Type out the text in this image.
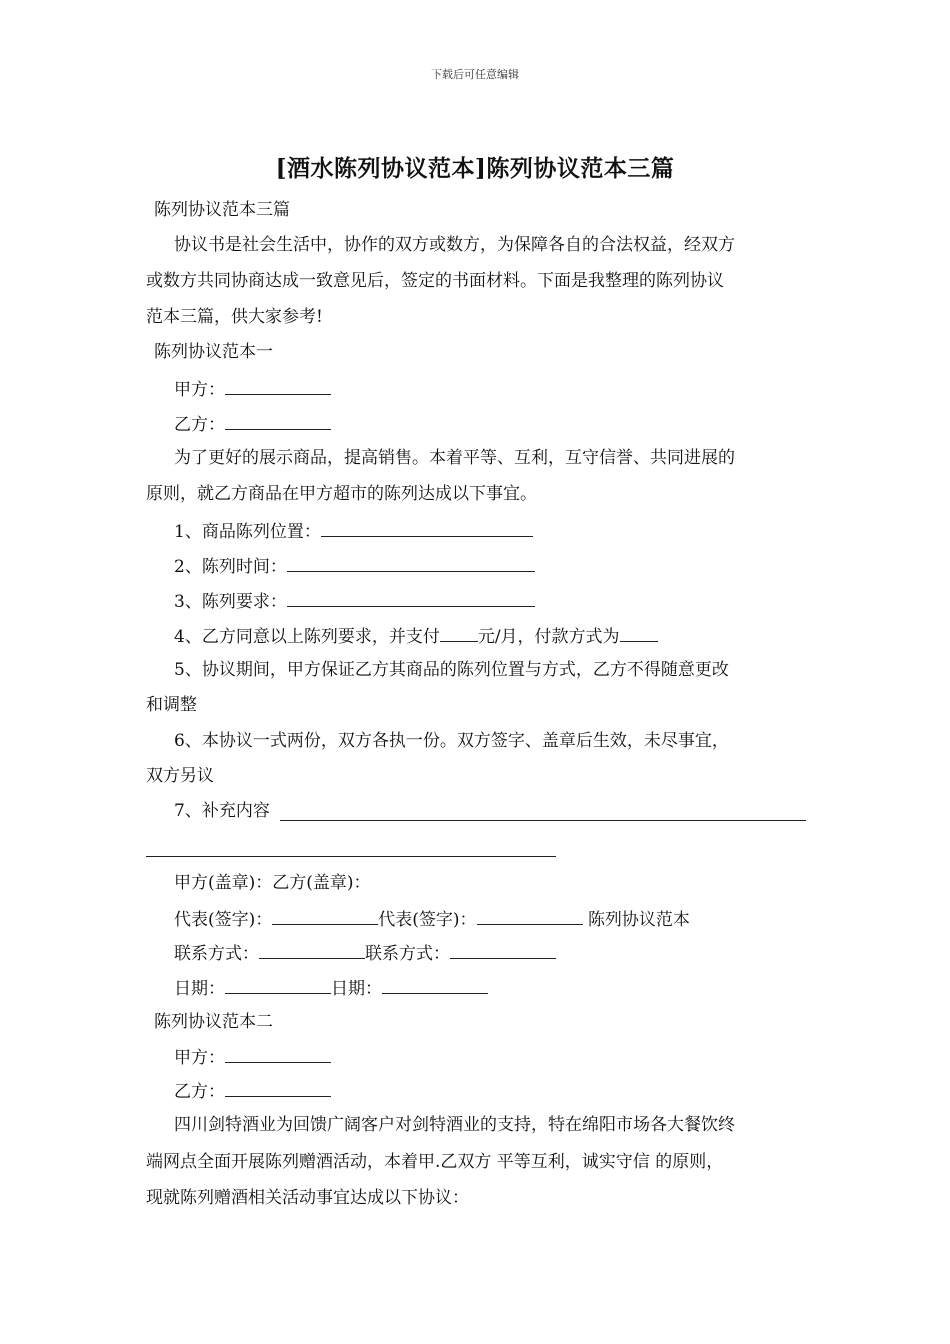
下载后可任意编辑
[酒水陈列协议范本]陈列协议范本三篇
陈列协议范本三篇
协议书是社会生活中，协作的双方或数方，为保障各自的合法权益，经双方
或数方共同协商达成一致意见后，签定的书面材料。下面是我整理的陈列协议
范本三篇，供大家参考!
陈列协议范本一
甲方：
乙方：
为了更好的展示商品，提高销售。本着平等、互利，互守信誉、共同进展的
原则，就乙方商品在甲方超市的陈列达成以下事宜。
1、商品陈列位置：
2、陈列时间：
3、陈列要求：
4、乙方同意以上陈列要求，并支付 元/月，付款方式为
5、协议期间，甲方保证乙方其商品的陈列位置与方式，乙方不得随意更改
和调整
6、本协议一式两份，双方各执一份。双方签字、盖章后生效，未尽事宜，
双方另议
7、补充内容
甲方(盖章)：乙方(盖章)：
代表(签字)：	代表(签字)：	陈列协议范本
联系方式：	联系方式：
日期：	日期：
陈列协议范本二
甲方：
乙方：
四川剑特酒业为回馈广阔客户对剑特酒业的支持，特在绵阳市场各大餐饮终
端网点全面开展陈列赠酒活动，本着甲.乙双方 平等互利，诚实守信 的原则，
现就陈列赠酒相关活动事宜达成以下协议：
